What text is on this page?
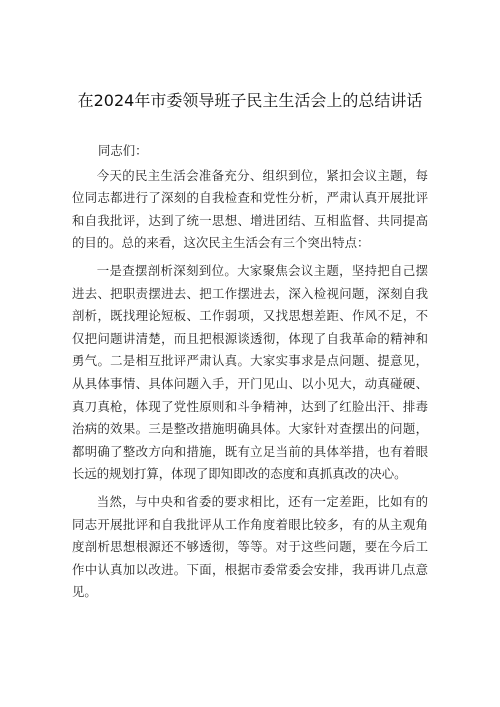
在2024年市委领导班子民主生活会上的总结讲话

同志们：

今天的民主生活会准备充分、组织到位，紧扣会议主题，每位同志都进行了深刻的自我检查和党性分析，严肃认真开展批评和自我批评，达到了统一思想、增进团结、互相监督、共同提高的目的。总的来看，这次民主生活会有三个突出特点：

一是查摆剖析深刻到位。大家聚焦会议主题，坚持把自己摆进去、把职责摆进去、把工作摆进去，深入检视问题，深刻自我剖析，既找理论短板、工作弱项，又找思想差距、作风不足，不仅把问题讲清楚，而且把根源谈透彻，体现了自我革命的精神和勇气。二是相互批评严肃认真。大家实事求是点问题、提意见，从具体事情、具体问题入手，开门见山、以小见大，动真碰硬、真刀真枪，体现了党性原则和斗争精神，达到了红脸出汗、排毒治病的效果。三是整改措施明确具体。大家针对查摆出的问题，都明确了整改方向和措施，既有立足当前的具体举措，也有着眼长远的规划打算，体现了即知即改的态度和真抓真改的决心。

当然，与中央和省委的要求相比，还有一定差距，比如有的同志开展批评和自我批评从工作角度着眼比较多，有的从主观角度剖析思想根源还不够透彻，等等。对于这些问题，要在今后工作中认真加以改进。下面，根据市委常委会安排，我再讲几点意见。
